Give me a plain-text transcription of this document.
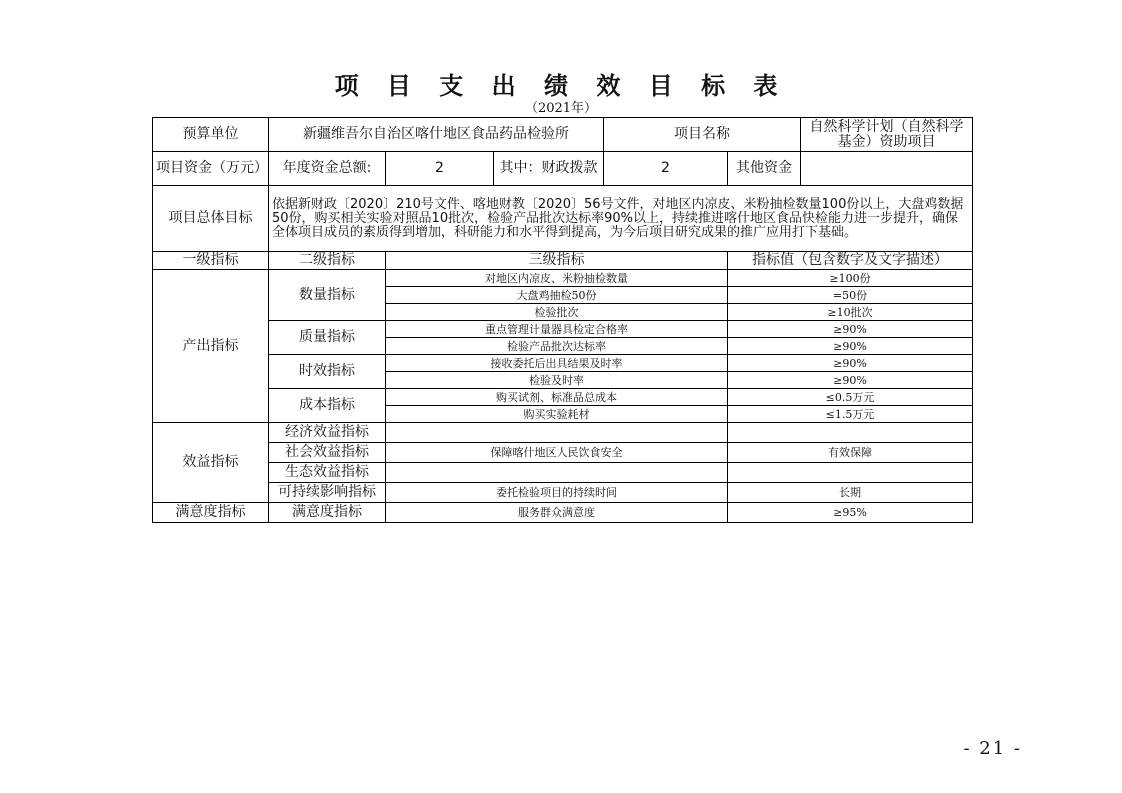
项 目 支 出 绩 效 目 标 表
（2021年）
预算单位	新疆维吾尔自治区喀什地区食品药品检验所			项目名称		自然科学计划（自然科学基金）资助项目
项目资金（万元）	年度资金总额:	2	其中：财政拨款	2	其他资金	
项目总体目标	依据新财政〔2020〕210号文件、喀地财教〔2020〕56号文件，对地区内凉皮、米粉抽检数量100份以上，大盘鸡数据50份，购买相关实验对照品10批次，检验产品批次达标率90%以上，持续推进喀什地区食品快检能力进一步提升，确保全体项目成员的素质得到增加，科研能力和水平得到提高，为今后项目研究成果的推广应用打下基础。					
一级指标	二级指标	三级指标			指标值（包含数字及文字描述）	
产出指标	数量指标	对地区内凉皮、米粉抽检数量			≥100份	
		大盘鸡抽检50份			=50份	
		检验批次			≥10批次	
	质量指标	重点管理计量器具检定合格率			≥90%	
		检验产品批次达标率			≥90%	
	时效指标	接收委托后出具结果及时率			≥90%	
		检验及时率			≥90%	
	成本指标	购买试剂、标准品总成本			≤0.5万元	
		购买实验耗材			≤1.5万元	
效益指标	经济效益指标					
	社会效益指标	保障喀什地区人民饮食安全			有效保障	
	生态效益指标					
	可持续影响指标	委托检验项目的持续时间			长期	
满意度指标	满意度指标	服务群众满意度			≥95%	
- 21 -
